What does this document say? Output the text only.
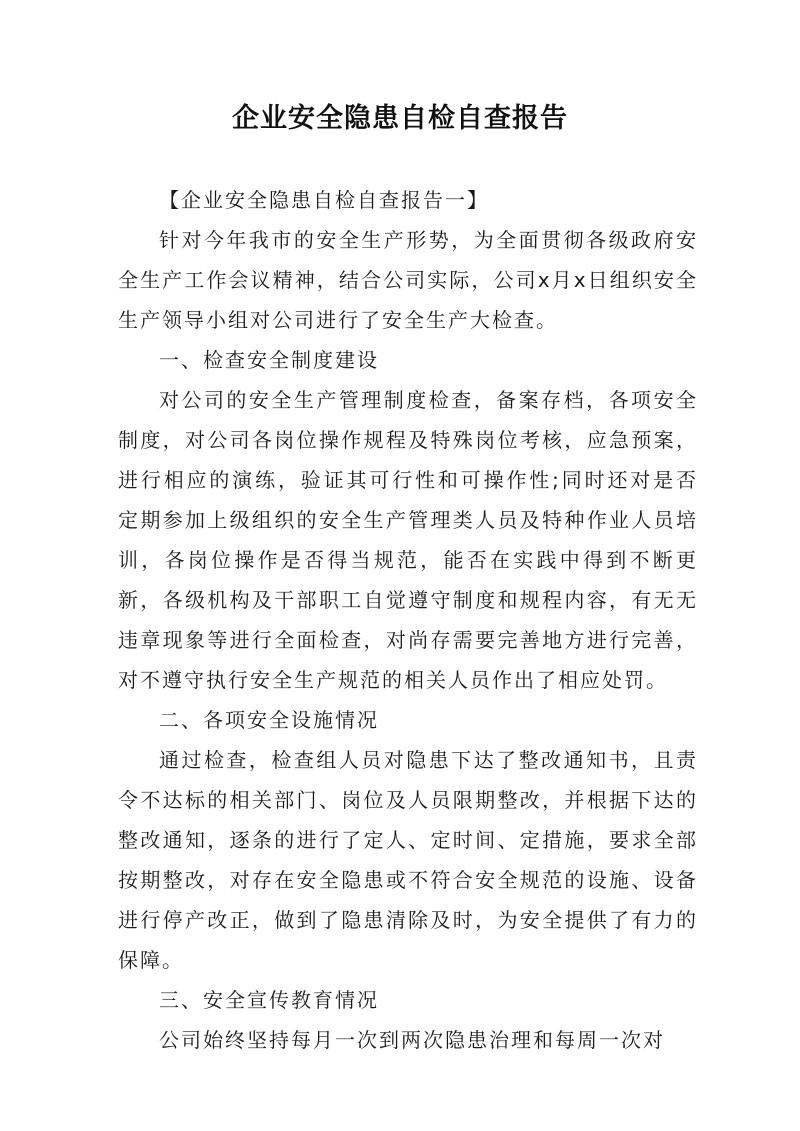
企业安全隐患自检自查报告

【企业安全隐患自检自查报告一】

针对今年我市的安全生产形势，为全面贯彻各级政府安全生产工作会议精神，结合公司实际，公司x月x日组织安全生产领导小组对公司进行了安全生产大检查。

一、检查安全制度建设

对公司的安全生产管理制度检查，备案存档，各项安全制度，对公司各岗位操作规程及特殊岗位考核，应急预案，进行相应的演练，验证其可行性和可操作性;同时还对是否定期参加上级组织的安全生产管理类人员及特种作业人员培训，各岗位操作是否得当规范，能否在实践中得到不断更新，各级机构及干部职工自觉遵守制度和规程内容，有无无违章现象等进行全面检查，对尚存需要完善地方进行完善，对不遵守执行安全生产规范的相关人员作出了相应处罚。

二、各项安全设施情况

通过检查，检查组人员对隐患下达了整改通知书，且责令不达标的相关部门、岗位及人员限期整改，并根据下达的整改通知，逐条的进行了定人、定时间、定措施，要求全部按期整改，对存在安全隐患或不符合安全规范的设施、设备进行停产改正，做到了隐患清除及时，为安全提供了有力的保障。

三、安全宣传教育情况

公司始终坚持每月一次到两次隐患治理和每周一次对
